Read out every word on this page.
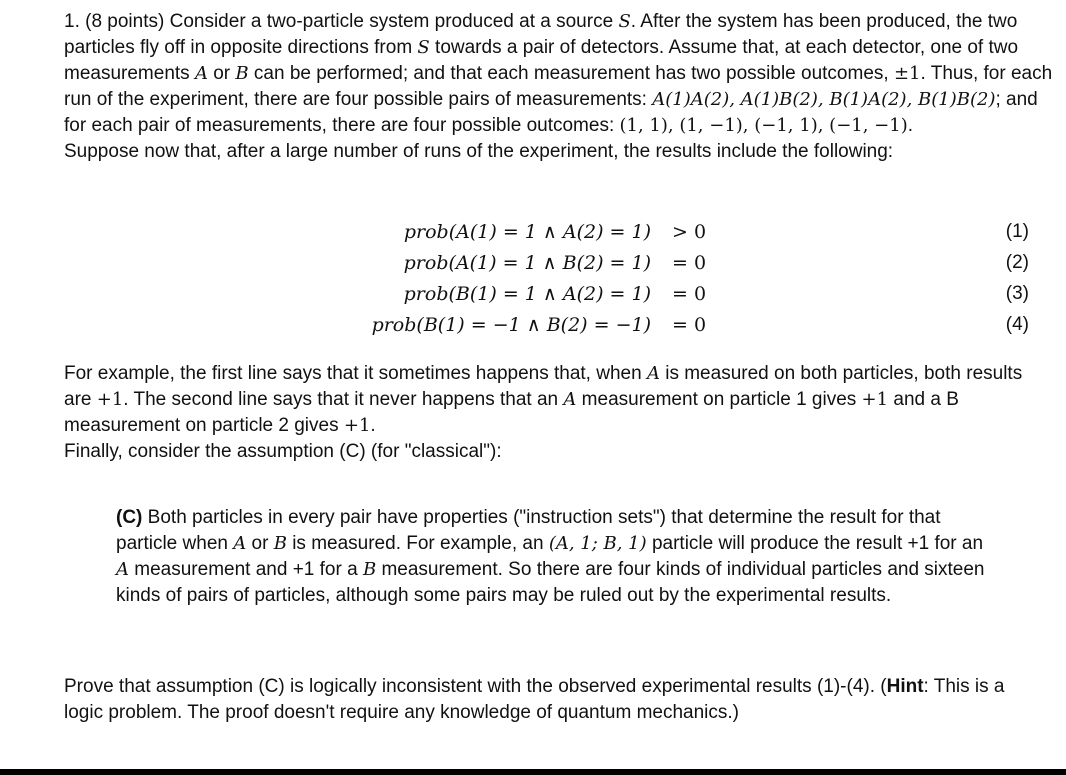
1. (8 points) Consider a two-particle system produced at a source S. After the system has been produced, the two particles fly off in opposite directions from S towards a pair of detectors. Assume that, at each detector, one of two measurements A or B can be performed; and that each measurement has two possible outcomes, ±1. Thus, for each run of the experiment, there are four possible pairs of measurements: A(1)A(2), A(1)B(2), B(1)A(2), B(1)B(2); and for each pair of measurements, there are four possible outcomes: (1, 1), (1, −1), (−1, 1), (−1, −1).

Suppose now that, after a large number of runs of the experiment, the results include the following:

prob(A(1) = 1 ∧ A(2) = 1) > 0	(1)
prob(A(1) = 1 ∧ B(2) = 1) = 0	(2)
prob(B(1) = 1 ∧ A(2) = 1) = 0	(3)
prob(B(1) = −1 ∧ B(2) = −1) = 0	(4)

For example, the first line says that it sometimes happens that, when A is measured on both particles, both results are +1. The second line says that it never happens that an A measurement on particle 1 gives +1 and a B measurement on particle 2 gives +1.

Finally, consider the assumption (C) (for "classical"):

(C) Both particles in every pair have properties ("instruction sets") that determine the result for that particle when A or B is measured. For example, an (A, 1; B, 1) particle will produce the result +1 for an A measurement and +1 for a B measurement. So there are four kinds of individual particles and sixteen kinds of pairs of particles, although some pairs may be ruled out by the experimental results.

Prove that assumption (C) is logically inconsistent with the observed experimental results (1)-(4). (Hint: This is a logic problem. The proof doesn't require any knowledge of quantum mechanics.)
